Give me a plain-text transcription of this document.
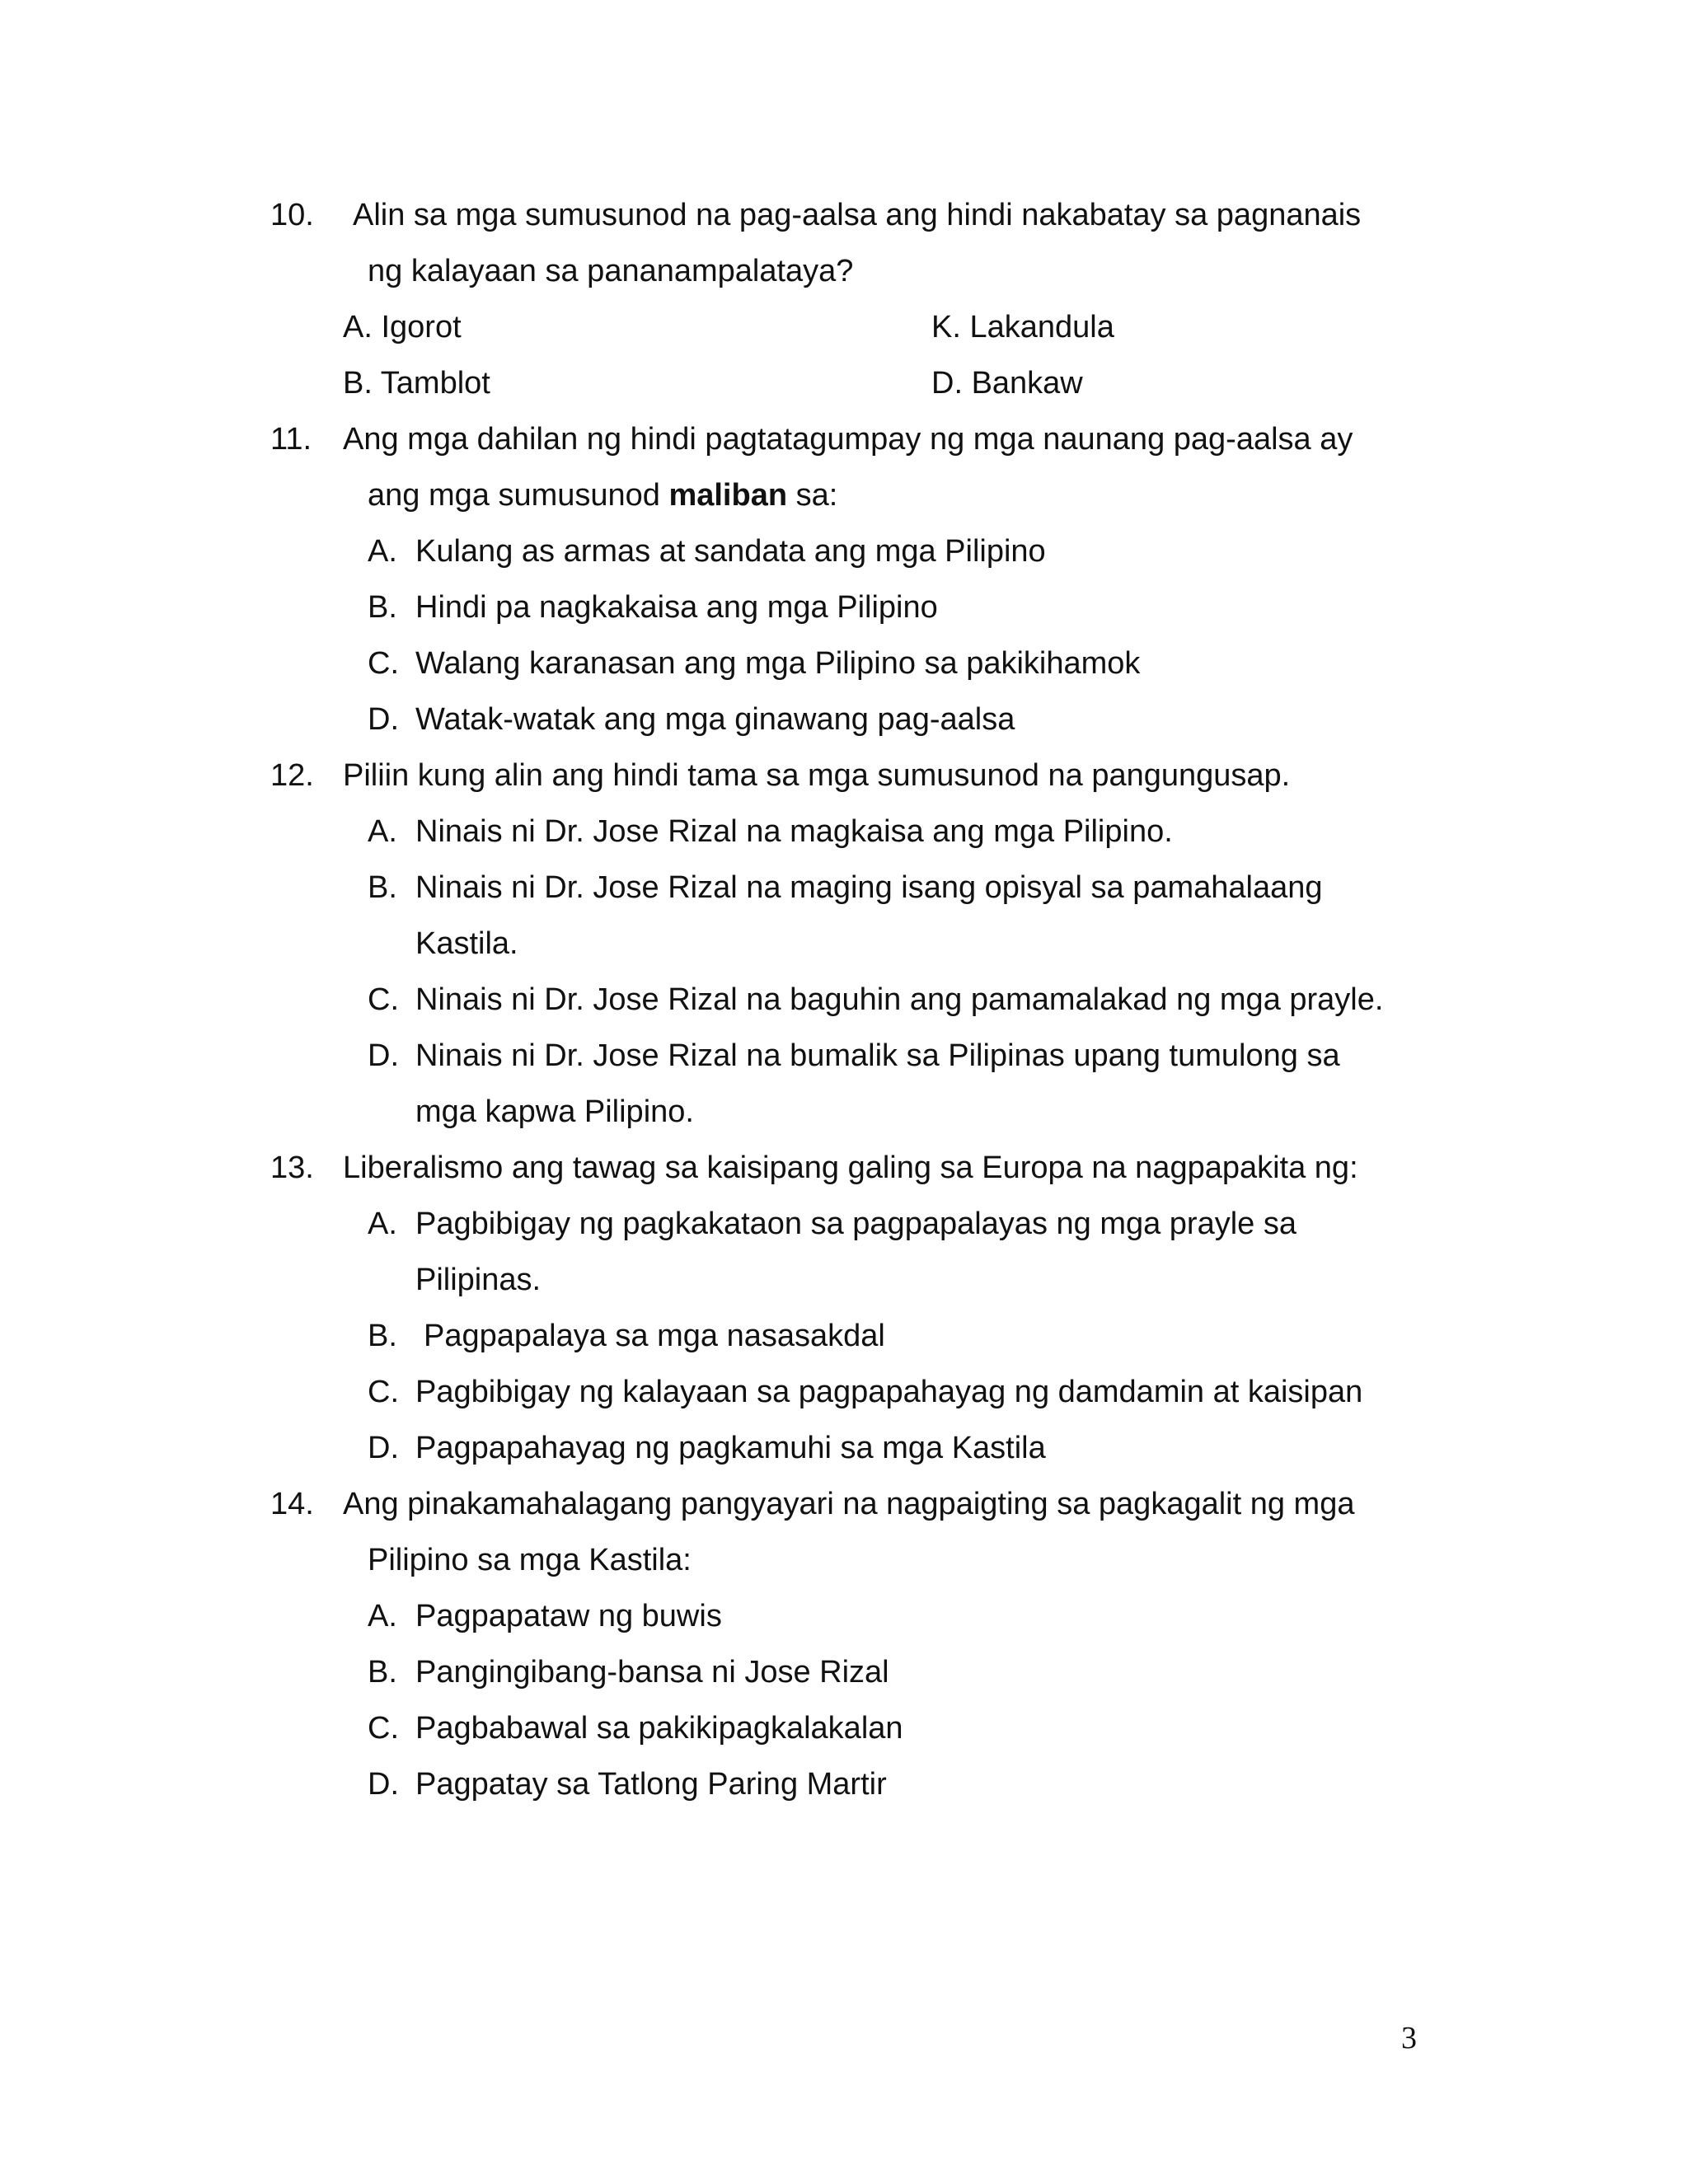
10. Alin sa mga sumusunod na pag-aalsa ang hindi nakabatay sa pagnanais
ng kalayaan sa pananampalataya?
A. Igorot	K. Lakandula
B. Tamblot	D. Bankaw
11. Ang mga dahilan ng hindi pagtatagumpay ng mga naunang pag-aalsa ay
ang mga sumusunod maliban sa:
A. Kulang as armas at sandata ang mga Pilipino
B. Hindi pa nagkakaisa ang mga Pilipino
C. Walang karanasan ang mga Pilipino sa pakikihamok
D. Watak-watak ang mga ginawang pag-aalsa
12. Piliin kung alin ang hindi tama sa mga sumusunod na pangungusap.
A. Ninais ni Dr. Jose Rizal na magkaisa ang mga Pilipino.
B. Ninais ni Dr. Jose Rizal na maging isang opisyal sa pamahalaang
Kastila.
C. Ninais ni Dr. Jose Rizal na baguhin ang pamamalakad ng mga prayle.
D. Ninais ni Dr. Jose Rizal na bumalik sa Pilipinas upang tumulong sa
mga kapwa Pilipino.
13. Liberalismo ang tawag sa kaisipang galing sa Europa na nagpapakita ng:
A. Pagbibigay ng pagkakataon sa pagpapalayas ng mga prayle sa
Pilipinas.
B. Pagpapalaya sa mga nasasakdal
C. Pagbibigay ng kalayaan sa pagpapahayag ng damdamin at kaisipan
D. Pagpapahayag ng pagkamuhi sa mga Kastila
14. Ang pinakamahalagang pangyayari na nagpaigting sa pagkagalit ng mga
Pilipino sa mga Kastila:
A. Pagpapataw ng buwis
B. Pangingibang-bansa ni Jose Rizal
C. Pagbabawal sa pakikipagkalakalan
D. Pagpatay sa Tatlong Paring Martir
3
